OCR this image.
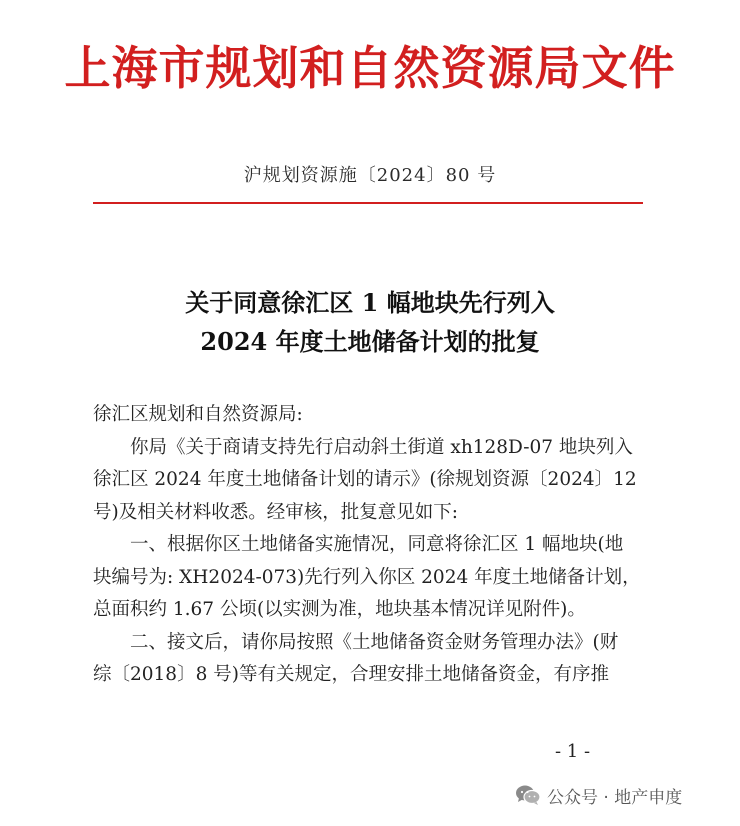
上海市规划和自然资源局文件
沪规划资源施〔2024〕80 号
关于同意徐汇区 1 幅地块先行列入
2024 年度土地储备计划的批复
徐汇区规划和自然资源局:
你局《关于商请支持先行启动斜土街道 xh128D-07 地块列入
徐汇区 2024 年度土地储备计划的请示》(徐规划资源〔2024〕12
号)及相关材料收悉。经审核，批复意见如下:
一、根据你区土地储备实施情况，同意将徐汇区 1 幅地块(地
块编号为: XH2024-073)先行列入你区 2024 年度土地储备计划，
总面积约 1.67 公顷(以实测为准，地块基本情况详见附件)。
二、接文后，请你局按照《土地储备资金财务管理办法》(财
综〔2018〕8 号)等有关规定，合理安排土地储备资金，有序推
- 1 -
公众号 · 地产申度
